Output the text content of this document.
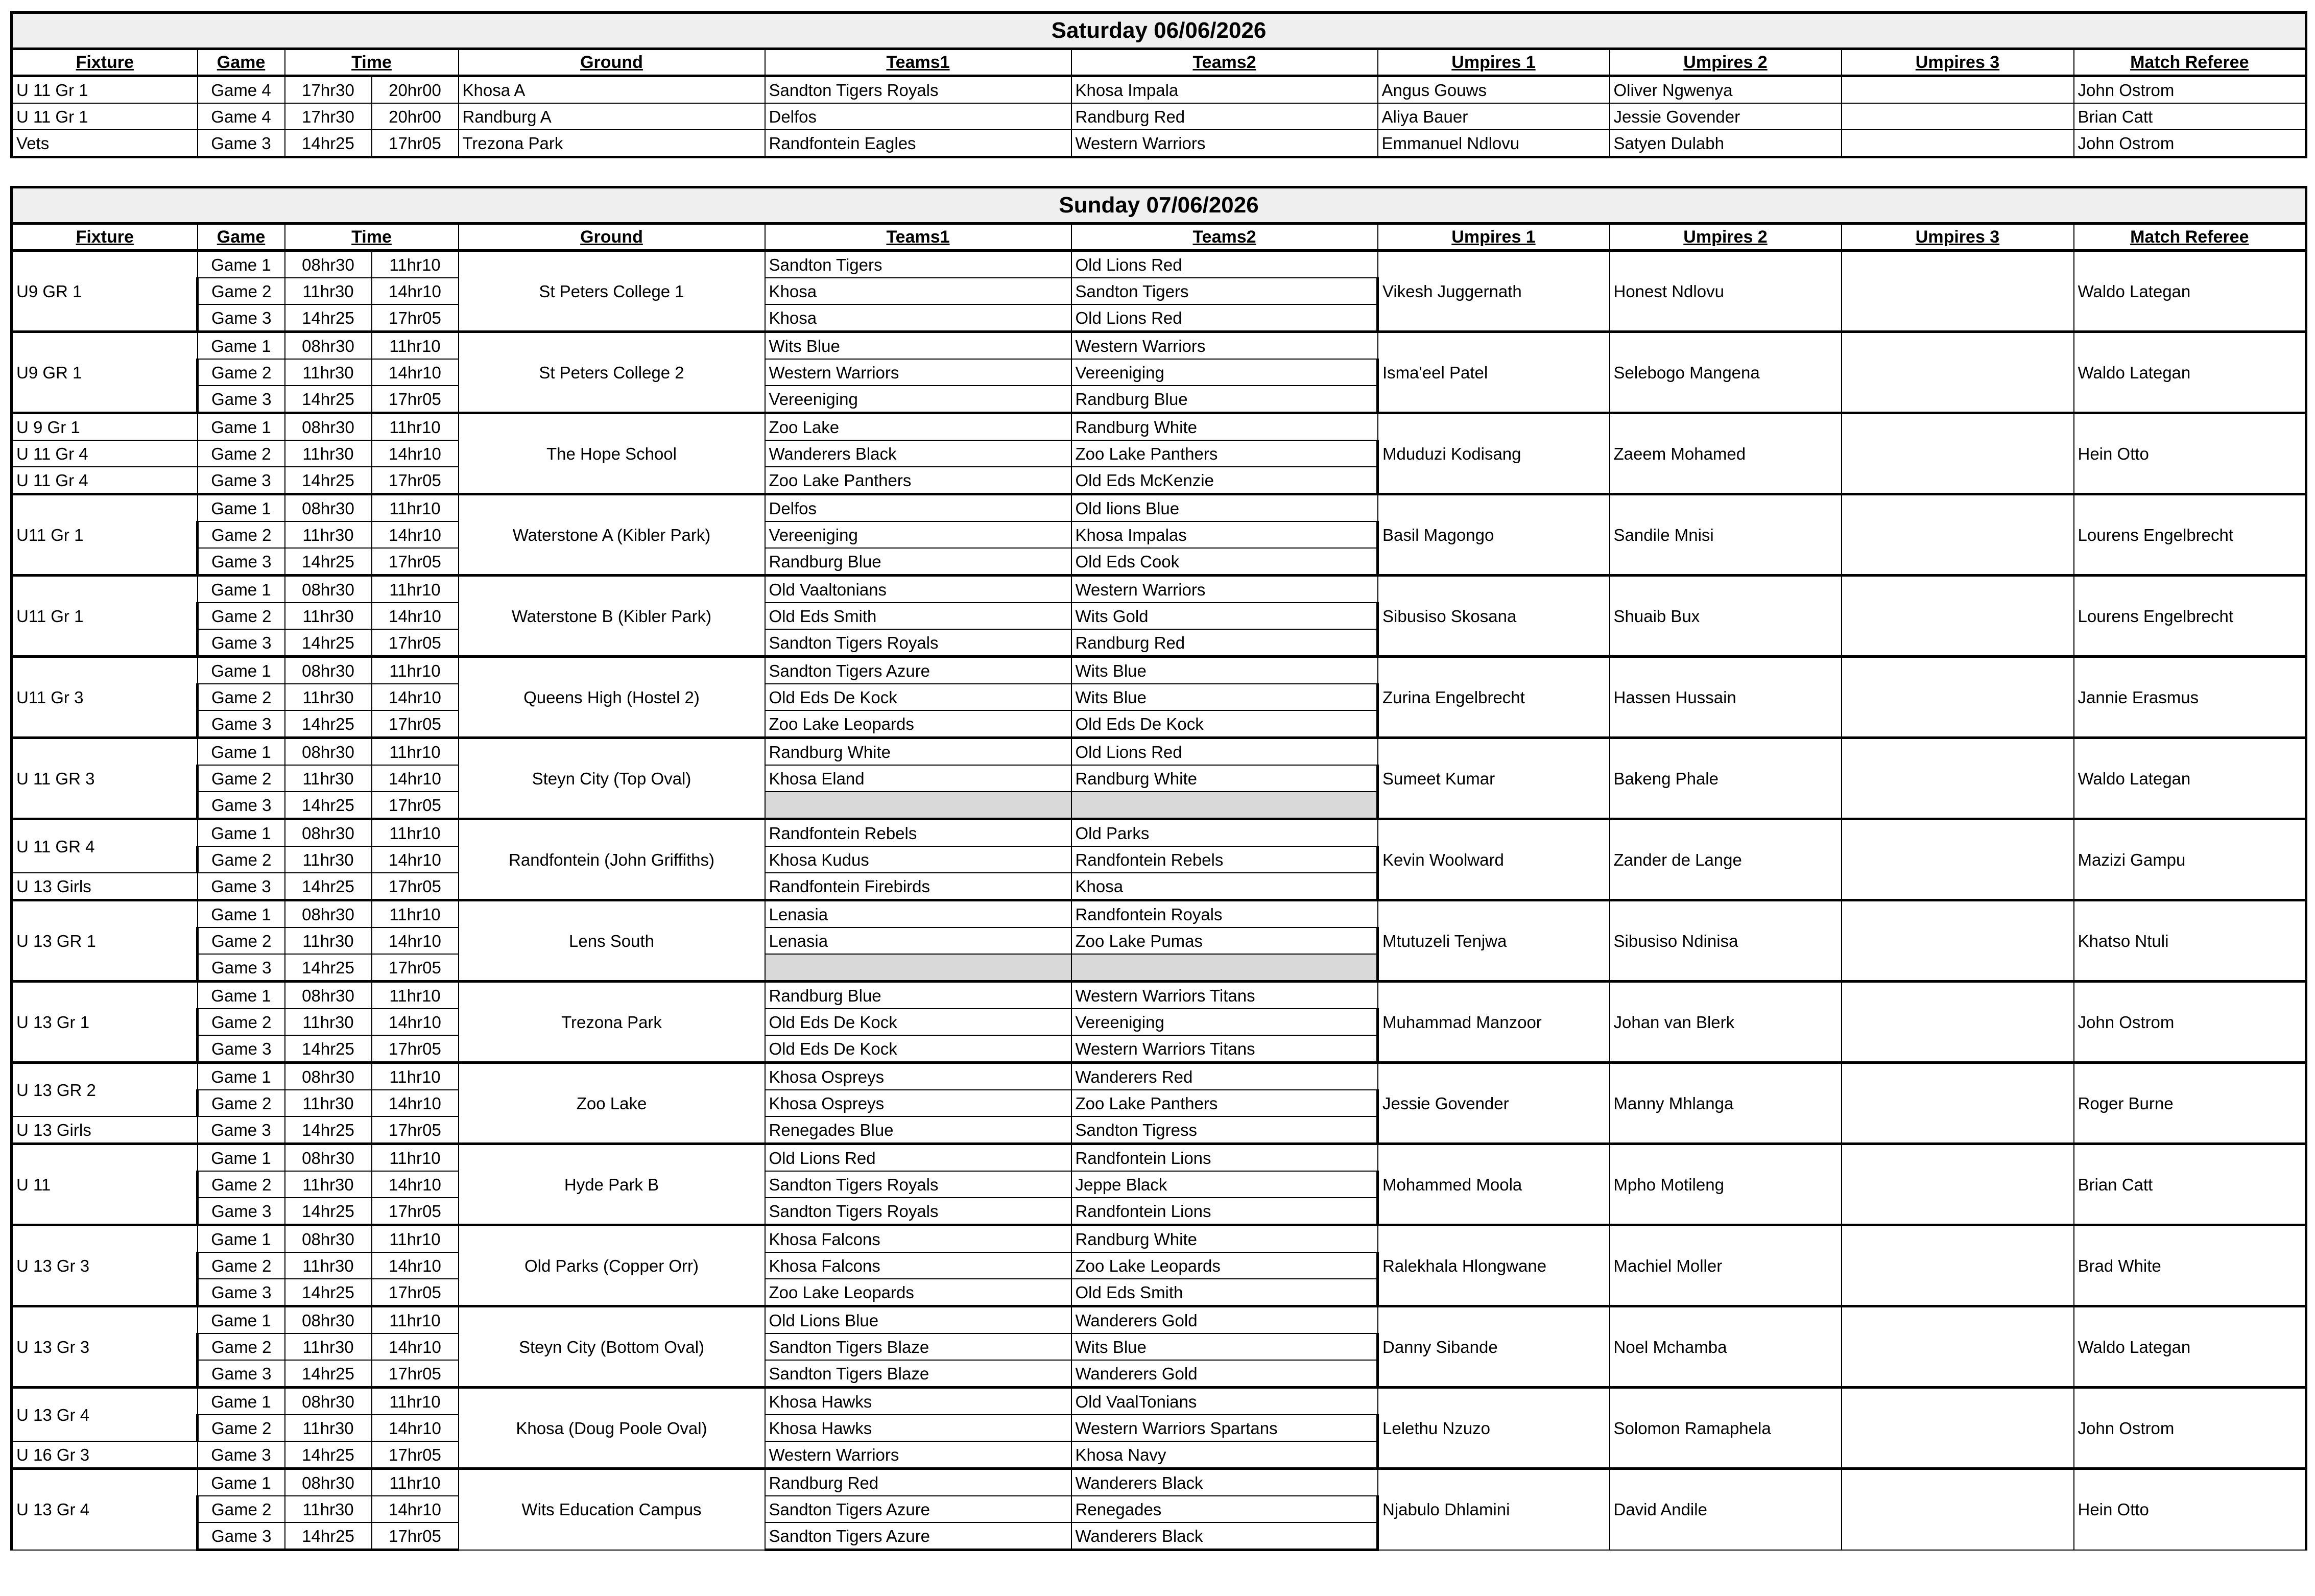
Saturday 06/06/2026										
Fixture	Game	Time		Ground	Teams1	Teams2	Umpires 1	Umpires 2	Umpires 3	Match Referee
U 11 Gr 1	Game 4	17hr30	20hr00	Khosa A	Sandton Tigers Royals	Khosa Impala	Angus Gouws	Oliver Ngwenya		John Ostrom
U 11 Gr 1	Game 4	17hr30	20hr00	Randburg A	Delfos	Randburg Red	Aliya Bauer	Jessie Govender		Brian Catt
Vets	Game 3	14hr25	17hr05	Trezona Park	Randfontein Eagles	Western Warriors	Emmanuel Ndlovu	Satyen Dulabh		John Ostrom
Sunday 07/06/2026										
Fixture	Game	Time		Ground	Teams1	Teams2	Umpires 1	Umpires 2	Umpires 3	Match Referee
U9 GR 1	Game 1	08hr30	11hr10	St Peters College 1	Sandton Tigers	Old Lions Red	Vikesh Juggernath	Honest Ndlovu		Waldo Lategan
	Game 2	11hr30	14hr10		Khosa	Sandton Tigers				
	Game 3	14hr25	17hr05		Khosa	Old Lions Red				
U9 GR 1	Game 1	08hr30	11hr10	St Peters College 2	Wits Blue	Western Warriors	Isma'eel Patel	Selebogo Mangena		Waldo Lategan
	Game 2	11hr30	14hr10		Western Warriors	Vereeniging				
	Game 3	14hr25	17hr05		Vereeniging	Randburg Blue				
U 9 Gr 1	Game 1	08hr30	11hr10	The Hope School	Zoo Lake	Randburg White	Mduduzi Kodisang	Zaeem Mohamed		Hein Otto
U 11 Gr 4	Game 2	11hr30	14hr10		Wanderers Black	Zoo Lake Panthers				
U 11 Gr 4	Game 3	14hr25	17hr05		Zoo Lake Panthers	Old Eds McKenzie				
U11 Gr 1	Game 1	08hr30	11hr10	Waterstone A (Kibler Park)	Delfos	Old lions Blue	Basil Magongo	Sandile Mnisi		Lourens Engelbrecht
	Game 2	11hr30	14hr10		Vereeniging	Khosa Impalas				
	Game 3	14hr25	17hr05		Randburg Blue	Old Eds Cook				
U11 Gr 1	Game 1	08hr30	11hr10	Waterstone B (Kibler Park)	Old Vaaltonians	Western Warriors	Sibusiso Skosana	Shuaib Bux		Lourens Engelbrecht
	Game 2	11hr30	14hr10		Old Eds Smith	Wits Gold				
	Game 3	14hr25	17hr05		Sandton Tigers Royals	Randburg Red				
U11 Gr 3	Game 1	08hr30	11hr10	Queens High (Hostel 2)	Sandton Tigers Azure	Wits Blue	Zurina Engelbrecht	Hassen Hussain		Jannie Erasmus
	Game 2	11hr30	14hr10		Old Eds De Kock	Wits Blue				
	Game 3	14hr25	17hr05		Zoo Lake Leopards	Old Eds De Kock				
U 11 GR 3	Game 1	08hr30	11hr10	Steyn City (Top Oval)	Randburg White	Old Lions Red	Sumeet Kumar	Bakeng Phale		Waldo Lategan
	Game 2	11hr30	14hr10		Khosa Eland	Randburg White				
	Game 3	14hr25	17hr05							
U 11 GR 4	Game 1	08hr30	11hr10	Randfontein (John Griffiths)	Randfontein Rebels	Old Parks	Kevin Woolward	Zander de Lange		Mazizi Gampu
	Game 2	11hr30	14hr10		Khosa Kudus	Randfontein Rebels				
U 13 Girls	Game 3	14hr25	17hr05		Randfontein Firebirds	Khosa				
U 13 GR 1	Game 1	08hr30	11hr10	Lens South	Lenasia	Randfontein Royals	Mtutuzeli Tenjwa	Sibusiso Ndinisa		Khatso Ntuli
	Game 2	11hr30	14hr10		Lenasia	Zoo Lake Pumas				
	Game 3	14hr25	17hr05							
U 13 Gr 1	Game 1	08hr30	11hr10	Trezona Park	Randburg Blue	Western Warriors Titans	Muhammad Manzoor	Johan van Blerk		John Ostrom
	Game 2	11hr30	14hr10		Old Eds De Kock	Vereeniging				
	Game 3	14hr25	17hr05		Old Eds De Kock	Western Warriors Titans				
U 13 GR 2	Game 1	08hr30	11hr10	Zoo Lake	Khosa Ospreys	Wanderers Red	Jessie Govender	Manny Mhlanga		Roger Burne
	Game 2	11hr30	14hr10		Khosa Ospreys	Zoo Lake Panthers				
U 13 Girls	Game 3	14hr25	17hr05		Renegades Blue	Sandton Tigress				
U 11	Game 1	08hr30	11hr10	Hyde Park B	Old Lions Red	Randfontein Lions	Mohammed Moola	Mpho Motileng		Brian Catt
	Game 2	11hr30	14hr10		Sandton Tigers Royals	Jeppe Black				
	Game 3	14hr25	17hr05		Sandton Tigers Royals	Randfontein Lions				
U 13 Gr 3	Game 1	08hr30	11hr10	Old Parks (Copper Orr)	Khosa Falcons	Randburg White	Ralekhala Hlongwane	Machiel Moller		Brad White
	Game 2	11hr30	14hr10		Khosa Falcons	Zoo Lake Leopards				
	Game 3	14hr25	17hr05		Zoo Lake Leopards	Old Eds Smith				
U 13 Gr 3	Game 1	08hr30	11hr10	Steyn City (Bottom Oval)	Old Lions Blue	Wanderers Gold	Danny Sibande	Noel Mchamba		Waldo Lategan
	Game 2	11hr30	14hr10		Sandton Tigers Blaze	Wits Blue				
	Game 3	14hr25	17hr05		Sandton Tigers Blaze	Wanderers Gold				
U 13 Gr 4	Game 1	08hr30	11hr10	Khosa (Doug Poole Oval)	Khosa Hawks	Old VaalTonians	Lelethu Nzuzo	Solomon Ramaphela		John Ostrom
	Game 2	11hr30	14hr10		Khosa Hawks	Western Warriors Spartans				
U 16 Gr 3	Game 3	14hr25	17hr05		Western Warriors	Khosa Navy				
U 13 Gr 4	Game 1	08hr30	11hr10	Wits Education Campus	Randburg Red	Wanderers Black	Njabulo Dhlamini	David Andile		Hein Otto
	Game 2	11hr30	14hr10		Sandton Tigers Azure	Renegades				
	Game 3	14hr25	17hr05		Sandton Tigers Azure	Wanderers Black				
